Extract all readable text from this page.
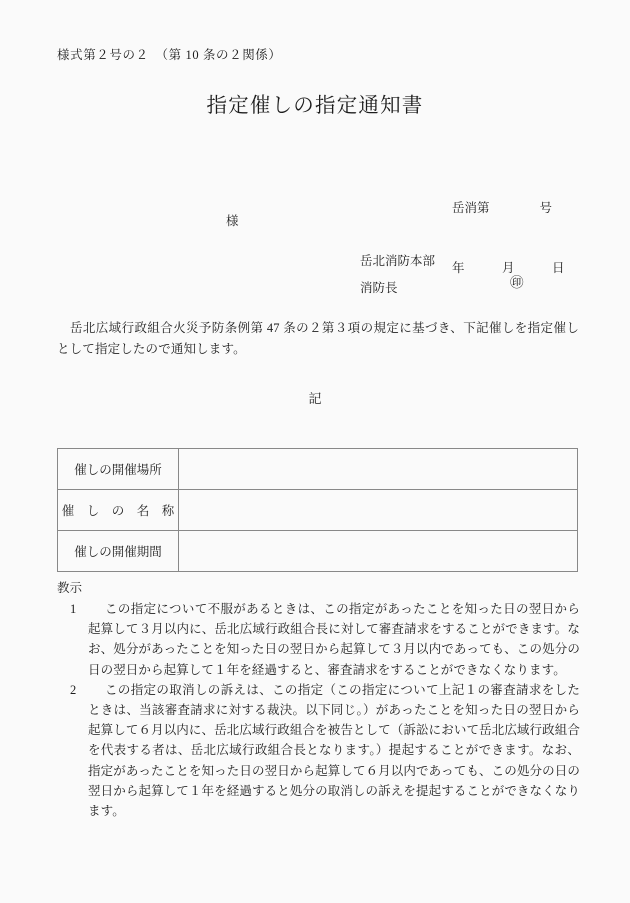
様式第２号の２　（第 10 条の２関係）
指定催しの指定通知書

岳消第　　　　号

年　　　月　　　日

様
岳北消防本部
消防長	㊞
岳北広域行政組合火災予防条例第 47 条の２第３項の規定に基づき、下記催しを指定催しとして指定したので通知します。
記
催しの開催場所	
催　し　の　名　称	
催しの開催期間	
教示
1	この指定について不服があるときは、この指定があったことを知った日の翌日から起算して３月以内に、岳北広域行政組合長に対して審査請求をすることができます。なお、処分があったことを知った日の翌日から起算して３月以内であっても、この処分の日の翌日から起算して１年を経過すると、審査請求をすることができなくなります。
2	この指定の取消しの訴えは、この指定（この指定について上記１の審査請求をしたときは、当該審査請求に対する裁決。以下同じ。）があったことを知った日の翌日から起算して６月以内に、岳北広域行政組合を被告として（訴訟において岳北広域行政組合を代表する者は、岳北広域行政組合長となります。）提起することができます。なお、指定があったことを知った日の翌日から起算して６月以内であっても、この処分の日の翌日から起算して１年を経過すると処分の取消しの訴えを提起することができなくなります。
